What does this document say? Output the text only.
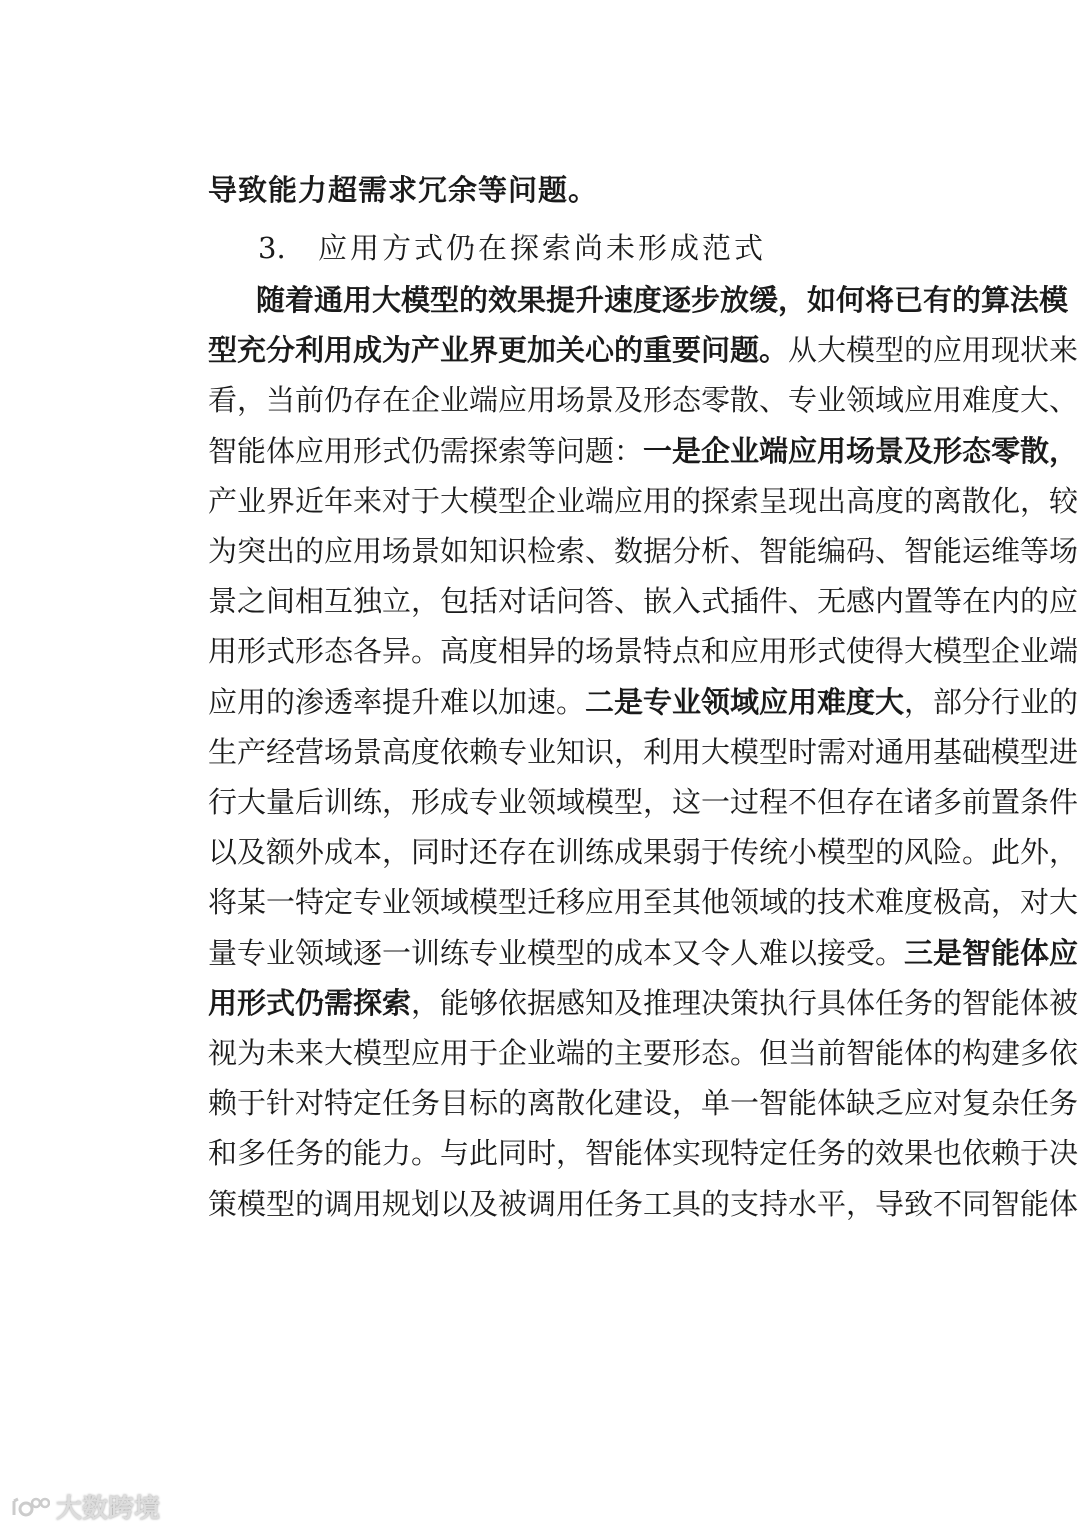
3. 应用方式仍在探索尚未形成范式
导致能力超需求冗余等问题。
随着通用大模型的效果提升速度逐步放缓，如何将已有的算法模
型充分利用成为产业界更加关心的重要问题。从大模型的应用现状来
看，当前仍存在企业端应用场景及形态零散、专业领域应用难度大、
智能体应用形式仍需探索等问题：一是企业端应用场景及形态零散，
产业界近年来对于大模型企业端应用的探索呈现出高度的离散化，较
为突出的应用场景如知识检索、数据分析、智能编码、智能运维等场
景之间相互独立，包括对话问答、嵌入式插件、无感内置等在内的应
用形式形态各异。高度相异的场景特点和应用形式使得大模型企业端
应用的渗透率提升难以加速。二是专业领域应用难度大，部分行业的
生产经营场景高度依赖专业知识，利用大模型时需对通用基础模型进
行大量后训练，形成专业领域模型，这一过程不但存在诸多前置条件
以及额外成本，同时还存在训练成果弱于传统小模型的风险。此外，
将某一特定专业领域模型迁移应用至其他领域的技术难度极高，对大
量专业领域逐一训练专业模型的成本又令人难以接受。三是智能体应
用形式仍需探索，能够依据感知及推理决策执行具体任务的智能体被
视为未来大模型应用于企业端的主要形态。但当前智能体的构建多依
赖于针对特定任务目标的离散化建设，单一智能体缺乏应对复杂任务
和多任务的能力。与此同时，智能体实现特定任务的效果也依赖于决
策模型的调用规划以及被调用任务工具的支持水平，导致不同智能体
大数跨境
